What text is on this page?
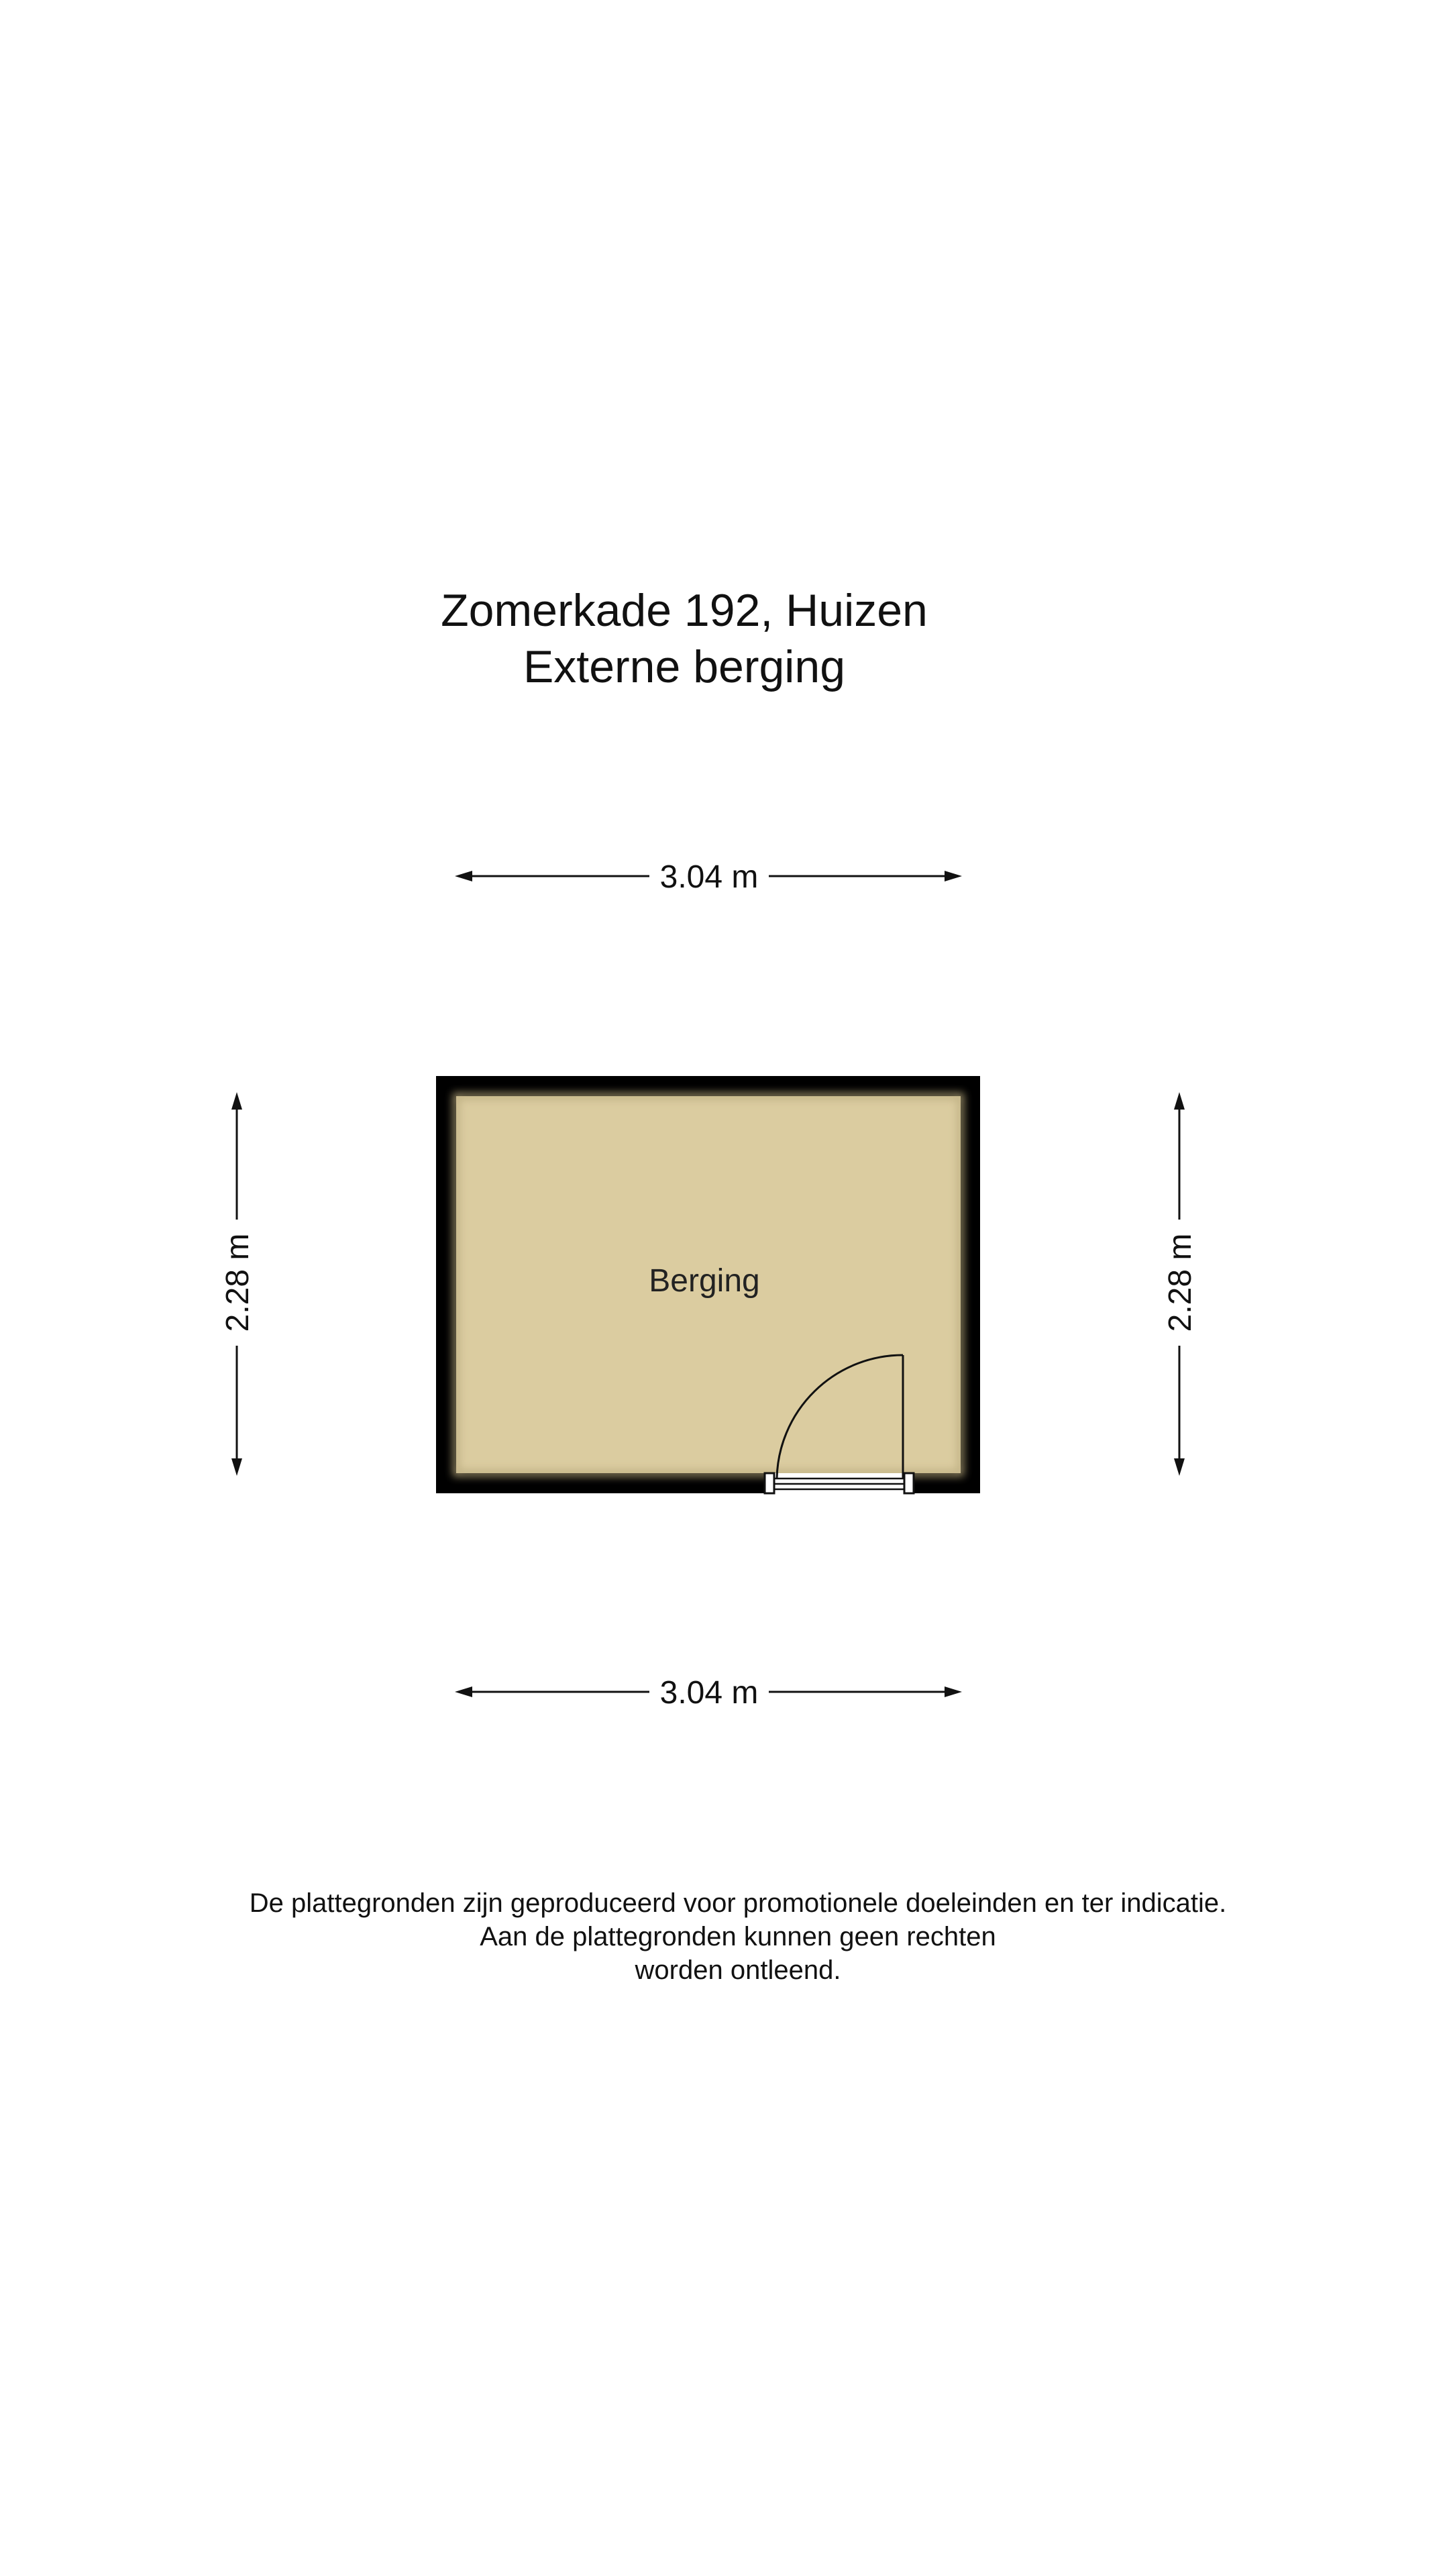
Zomerkade 192, Huizen
Externe berging
3.04 m
3.04 m
2.28 m	2.28 m
Berging
De plattegronden zijn geproduceerd voor promotionele doeleinden en ter indicatie.
Aan de plattegronden kunnen geen rechten
worden ontleend.
